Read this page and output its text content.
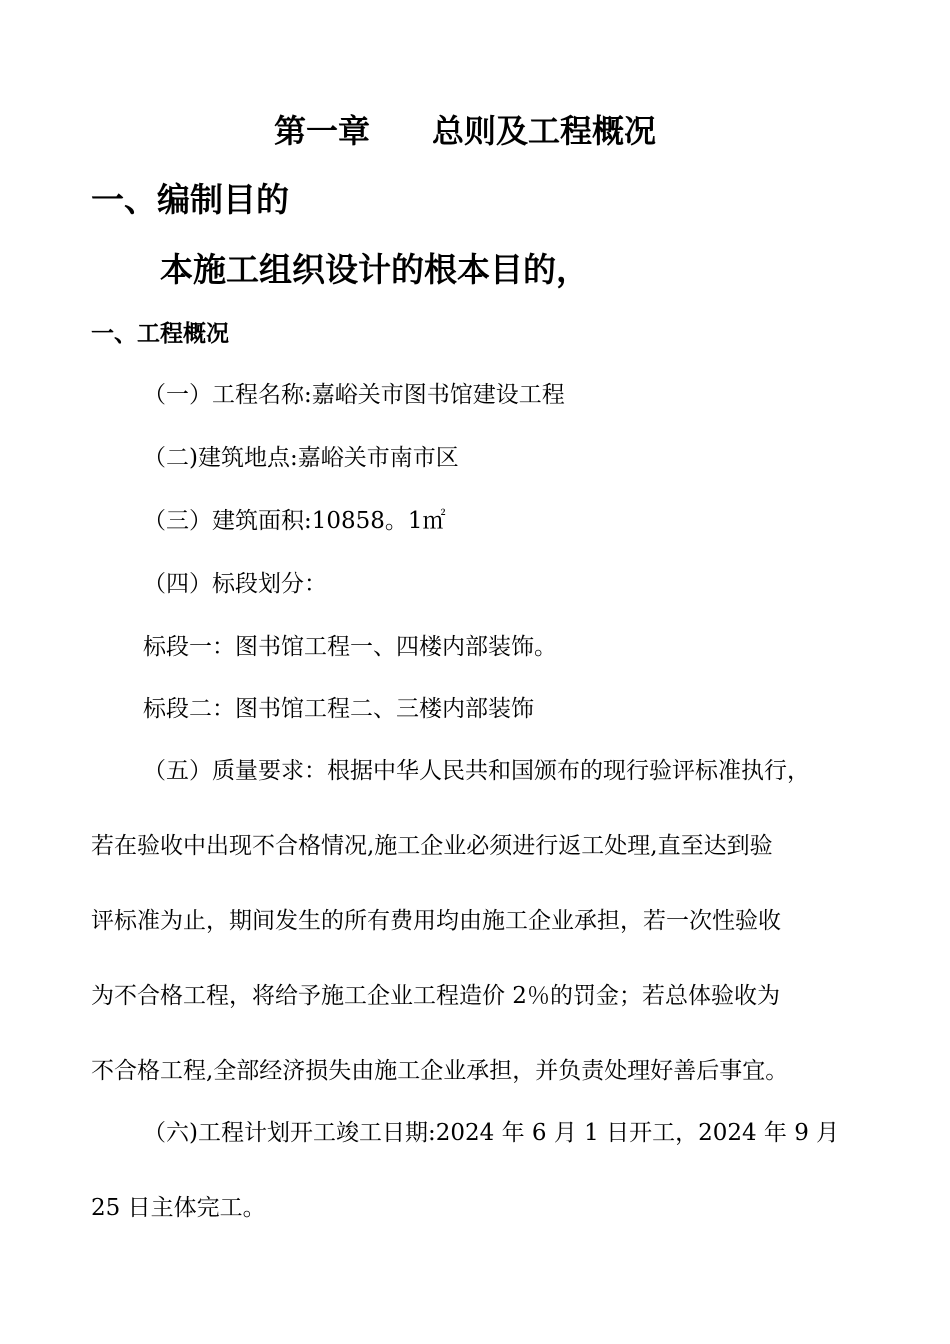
第一章 总则及工程概况
一、编制目的
本施工组织设计的根本目的，
一、工程概况
（一）工程名称:嘉峪关市图书馆建设工程
（二)建筑地点:嘉峪关市南市区
（三）建筑面积:10858。1㎡
（四）标段划分：
标段一：图书馆工程一、四楼内部装饰。
标段二：图书馆工程二、三楼内部装饰
（五）质量要求：根据中华人民共和国颁布的现行验评标准执行，
若在验收中出现不合格情况,施工企业必须进行返工处理,直至达到验
评标准为止，期间发生的所有费用均由施工企业承担，若一次性验收
为不合格工程，将给予施工企业工程造价 2％的罚金；若总体验收为
不合格工程,全部经济损失由施工企业承担，并负责处理好善后事宜。
（六)工程计划开工竣工日期:2024 年 6 月 1 日开工，2024 年 9 月
25 日主体完工。
